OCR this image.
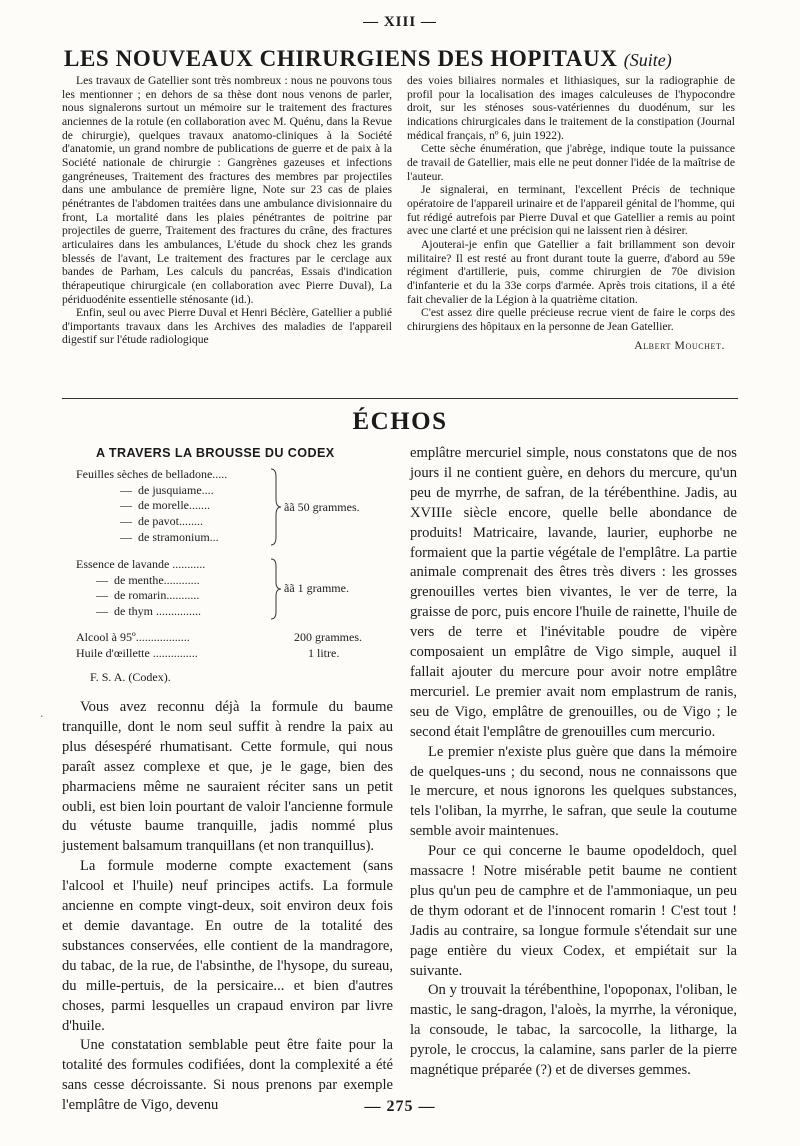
— XIII —
LES NOUVEAUX CHIRURGIENS DES HOPITAUX (Suite)

Les travaux de Gatellier sont très nombreux : nous ne pouvons tous les mentionner ; en dehors de sa thèse dont nous venons de parler, nous signalerons surtout un mémoire sur le traitement des fractures anciennes de la rotule (en collaboration avec M. Quénu, dans la Revue de chirurgie), quelques travaux anatomo-cliniques à la Société d'anatomie, un grand nombre de publications de guerre et de paix à la Société nationale de chirurgie : Gangrènes gazeuses et infections gangréneuses, Traitement des fractures des membres par projectiles dans une ambulance de première ligne, Note sur 23 cas de plaies pénétrantes de l'abdomen traitées dans une ambulance divisionnaire du front, La mortalité dans les plaies pénétrantes de poitrine par projectiles de guerre, Traitement des fractures du crâne, des fractures articulaires dans les ambulances, L'étude du shock chez les grands blessés de l'avant, Le traitement des fractures par le cerclage aux bandes de Parham, Les calculs du pancréas, Essais d'indication thérapeutique chirurgicale (en collaboration avec Pierre Duval), La périduodénite essentielle sténosante (id.).

Enfin, seul ou avec Pierre Duval et Henri Béclère, Gatellier a publié d'importants travaux dans les Archives des maladies de l'appareil digestif sur l'étude radiologique

des voies biliaires normales et lithiasiques, sur la radiographie de profil pour la localisation des images calculeuses de l'hypocondre droit, sur les sténoses sous-vatériennes du duodénum, sur les indications chirurgicales dans le traitement de la constipation (Journal médical français, nº 6, juin 1922).

Cette sèche énumération, que j'abrège, indique toute la puissance de travail de Gatellier, mais elle ne peut donner l'idée de la maîtrise de l'auteur.

Je signalerai, en terminant, l'excellent Précis de technique opératoire de l'appareil urinaire et de l'appareil génital de l'homme, qui fut rédigé autrefois par Pierre Duval et que Gatellier a remis au point avec une clarté et une précision qui ne laissent rien à désirer.

Ajouterai-je enfin que Gatellier a fait brillamment son devoir militaire? Il est resté au front durant toute la guerre, d'abord au 59e régiment d'artillerie, puis, comme chirurgien de 70e division d'infanterie et du la 33e corps d'armée. Après trois citations, il a été fait chevalier de la Légion à la quatrième citation.

C'est assez dire quelle précieuse recrue vient de faire le corps des chirurgiens des hôpitaux en la personne de Jean Gatellier.

Albert Mouchet.
ÉCHOS
A TRAVERS LA BROUSSE DU CODEX
Feuilles sèches de belladone.....
— de jusquiame....
— de morelle.......
— de pavot........
— de stramonium...
ãã 50 grammes.
Essence de lavande ...........
— de menthe............
— de romarin...........
— de thym ...............
ãã 1 gramme.
Alcool à 95º..................	200 grammes.
Huile d'œillette ...............	1 litre.
F. S. A. (Codex).
·

Vous avez reconnu déjà la formule du baume tranquille, dont le nom seul suffit à rendre la paix au plus désespéré rhumatisant. Cette formule, qui nous paraît assez complexe et que, je le gage, bien des pharmaciens même ne sauraient réciter sans un petit oubli, est bien loin pourtant de valoir l'ancienne formule du vétuste baume tranquille, jadis nommé plus justement balsamum tranquillans (et non tranquillus).

La formule moderne compte exactement (sans l'alcool et l'huile) neuf principes actifs. La formule ancienne en compte vingt-deux, soit environ deux fois et demie davantage. En outre de la totalité des substances conservées, elle contient de la mandragore, du tabac, de la rue, de l'absinthe, de l'hysope, du sureau, du mille-pertuis, de la persicaire... et bien d'autres choses, parmi lesquelles un crapaud environ par livre d'huile.

Une constatation semblable peut être faite pour la totalité des formules codifiées, dont la complexité a été sans cesse décroissante. Si nous prenons par exemple l'emplâtre de Vigo, devenu

emplâtre mercuriel simple, nous constatons que de nos jours il ne contient guère, en dehors du mercure, qu'un peu de myrrhe, de safran, de la térébenthine. Jadis, au XVIIIe siècle encore, quelle belle abondance de produits! Matricaire, lavande, laurier, euphorbe ne formaient que la partie végétale de l'emplâtre. La partie animale comprenait des êtres très divers : les grosses grenouilles vertes bien vivantes, le ver de terre, la graisse de porc, puis encore l'huile de rainette, l'huile de vers de terre et l'inévitable poudre de vipère composaient un emplâtre de Vigo simple, auquel il fallait ajouter du mercure pour avoir notre emplâtre mercuriel. Le premier avait nom emplastrum de ranis, seu de Vigo, emplâtre de grenouilles, ou de Vigo ; le second était l'emplâtre de grenouilles cum mercurio.

Le premier n'existe plus guère que dans la mémoire de quelques-uns ; du second, nous ne connaissons que le mercure, et nous ignorons les quelques substances, tels l'oliban, la myrrhe, le safran, que seule la coutume semble avoir maintenues.

Pour ce qui concerne le baume opodeldoch, quel massacre ! Notre misérable petit baume ne contient plus qu'un peu de camphre et de l'ammoniaque, un peu de thym odorant et de l'innocent romarin ! C'est tout ! Jadis au contraire, sa longue formule s'étendait sur une page entière du vieux Codex, et empiétait sur la suivante.

On y trouvait la térébenthine, l'opoponax, l'oliban, le mastic, le sang-dragon, l'aloès, la myrrhe, la véronique, la consoude, le tabac, la sarcocolle, la litharge, la pyrole, le croccus, la calamine, sans parler de la pierre magnétique préparée (?) et de diverses gemmes.

— 275 —
